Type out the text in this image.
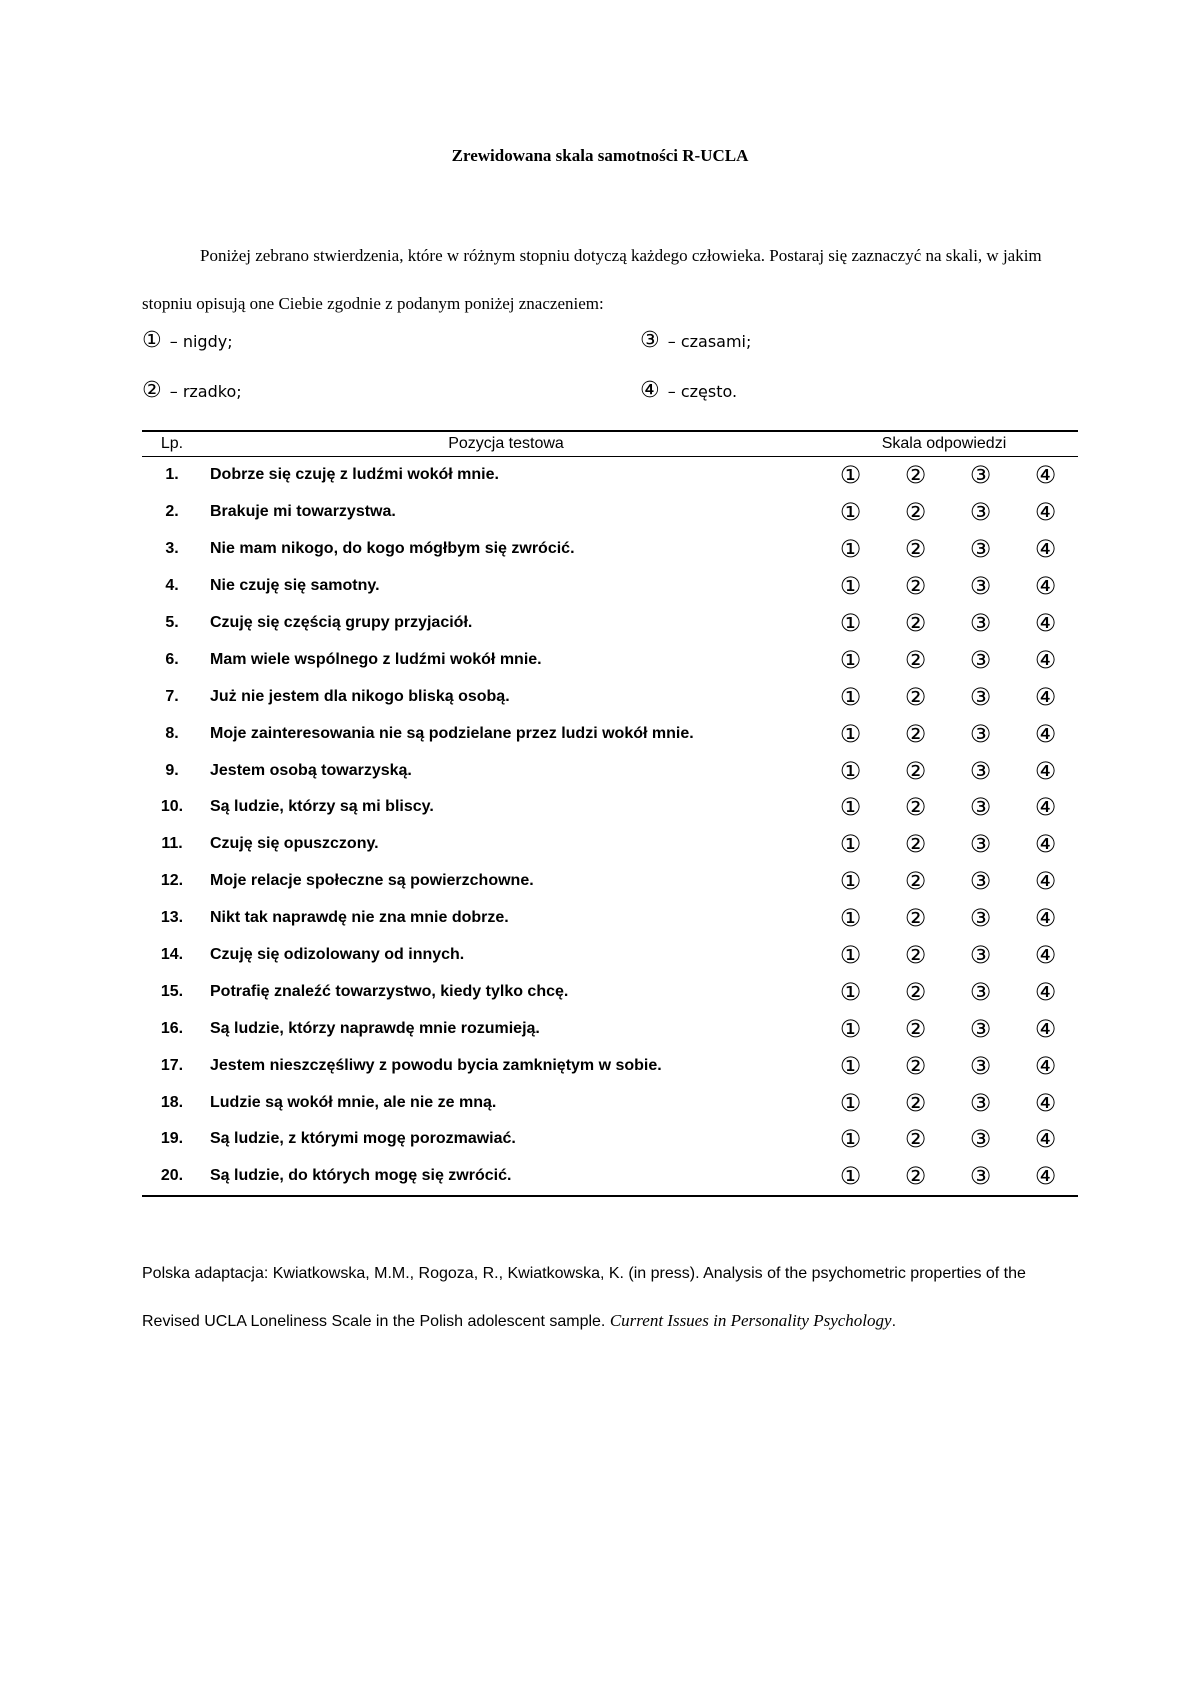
Zrewidowana skala samotności R-UCLA

Poniżej zebrano stwierdzenia, które w różnym stopniu dotyczą każdego człowieka. Postaraj się zaznaczyć na skali, w jakim stopniu opisują one Ciebie zgodnie z podanym poniżej znaczeniem:

① – nigdy;	③ – czasami;
② – rzadko;	④ – często.
Lp.	Pozycja testowa	Skala odpowiedzi
1.	Dobrze się czuję z ludźmi wokół mnie.	① ② ③ ④
2.	Brakuje mi towarzystwa.	① ② ③ ④
3.	Nie mam nikogo, do kogo mógłbym się zwrócić.	① ② ③ ④
4.	Nie czuję się samotny.	① ② ③ ④
5.	Czuję się częścią grupy przyjaciół.	① ② ③ ④
6.	Mam wiele wspólnego z ludźmi wokół mnie.	① ② ③ ④
7.	Już nie jestem dla nikogo bliską osobą.	① ② ③ ④
8.	Moje zainteresowania nie są podzielane przez ludzi wokół mnie.	① ② ③ ④
9.	Jestem osobą towarzyską.	① ② ③ ④
10.	Są ludzie, którzy są mi bliscy.	① ② ③ ④
11.	Czuję się opuszczony.	① ② ③ ④
12.	Moje relacje społeczne są powierzchowne.	① ② ③ ④
13.	Nikt tak naprawdę nie zna mnie dobrze.	① ② ③ ④
14.	Czuję się odizolowany od innych.	① ② ③ ④
15.	Potrafię znaleźć towarzystwo, kiedy tylko chcę.	① ② ③ ④
16.	Są ludzie, którzy naprawdę mnie rozumieją.	① ② ③ ④
17.	Jestem nieszczęśliwy z powodu bycia zamkniętym w sobie.	① ② ③ ④
18.	Ludzie są wokół mnie, ale nie ze mną.	① ② ③ ④
19.	Są ludzie, z którymi mogę porozmawiać.	① ② ③ ④
20.	Są ludzie, do których mogę się zwrócić.	① ② ③ ④

Polska adaptacja: Kwiatkowska, M.M., Rogoza, R., Kwiatkowska, K. (in press). Analysis of the psychometric properties of the Revised UCLA Loneliness Scale in the Polish adolescent sample. Current Issues in Personality Psychology.
